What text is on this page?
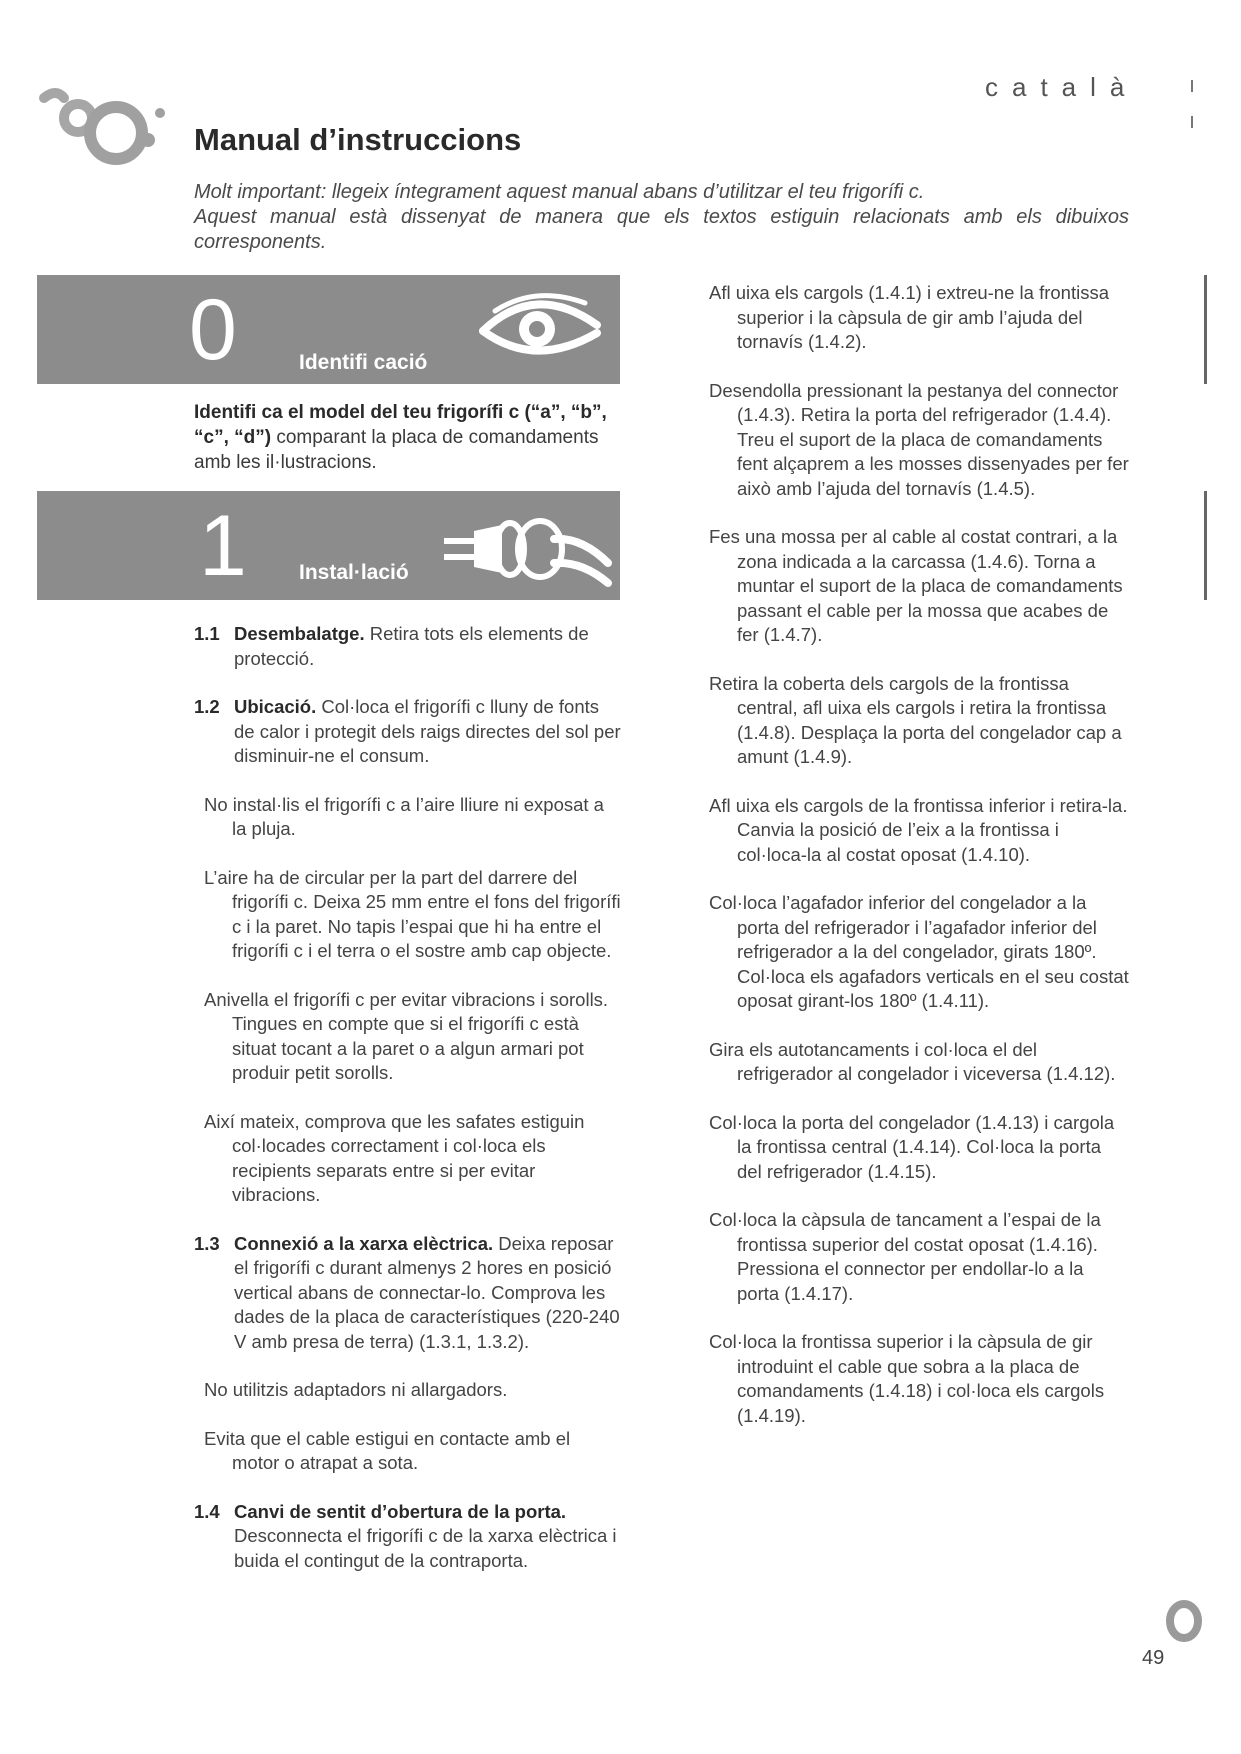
català
Manual d’instruccions

Molt important: llegeix íntegrament aquest manual abans d’utilitzar el teu frigorífi c.

Aquest manual està dissenyat de manera que els textos estiguin relacionats amb els dibuixos

corresponents.

0	Identifi cació
Identifi ca el model del teu frigorífi c (“a”, “b”, “c”, “d”) comparant la placa de comandaments amb les il·lustracions.
1 Instal·lació

1.1 Desembalatge. Retira tots els elements de protecció.

1.2 Ubicació. Col·loca el frigorífi c lluny de fonts de calor i protegit dels raigs directes del sol per disminuir-ne el consum.

No instal·lis el frigorífi c a l’aire lliure ni exposat a la pluja.

L’aire ha de circular per la part del darrere del frigorífi c. Deixa 25 mm entre el fons del frigorífi c i la paret. No tapis l’espai que hi ha entre el frigorífi c i el terra o el sostre amb cap objecte.

Anivella el frigorífi c per evitar vibracions i sorolls. Tingues en compte que si el frigorífi c està situat tocant a la paret o a algun armari pot produir petit sorolls.

Així mateix, comprova que les safates estiguin col·locades correctament i col·loca els recipients separats entre si per evitar vibracions.

1.3 Connexió a la xarxa elèctrica. Deixa reposar el frigorífi c durant almenys 2 hores en posició vertical abans de connectar-lo. Comprova les dades de la placa de característiques (220-240 V amb presa de terra) (1.3.1, 1.3.2).

No utilitzis adaptadors ni allargadors.

Evita que el cable estigui en contacte amb el motor o atrapat a sota.

1.4 Canvi de sentit d’obertura de la porta. Desconnecta el frigorífi c de la xarxa elèctrica i buida el contingut de la contraporta.

Afl uixa els cargols (1.4.1) i extreu-ne la frontissa superior i la càpsula de gir amb l’ajuda del tornavís (1.4.2).

Desendolla pressionant la pestanya del connector (1.4.3). Retira la porta del refrigerador (1.4.4). Treu el suport de la placa de comandaments fent alçaprem a les mosses dissenyades per fer això amb l’ajuda del tornavís (1.4.5).

Fes una mossa per al cable al costat contrari, a la zona indicada a la carcassa (1.4.6). Torna a muntar el suport de la placa de comandaments passant el cable per la mossa que acabes de fer (1.4.7).

Retira la coberta dels cargols de la frontissa central, afl uixa els cargols i retira la frontissa (1.4.8). Desplaça la porta del congelador cap a amunt (1.4.9).

Afl uixa els cargols de la frontissa inferior i retira-la. Canvia la posició de l’eix a la frontissa i col·loca-la al costat oposat (1.4.10).

Col·loca l’agafador inferior del congelador a la porta del refrigerador i l’agafador inferior del refrigerador a la del congelador, girats 180º. Col·loca els agafadors verticals en el seu costat oposat girant-los 180º (1.4.11).

Gira els autotancaments i col·loca el del refrigerador al congelador i viceversa (1.4.12).

Col·loca la porta del congelador (1.4.13) i cargola la frontissa central (1.4.14). Col·loca la porta del refrigerador (1.4.15).

Col·loca la càpsula de tancament a l’espai de la frontissa superior del costat oposat (1.4.16). Pressiona el connector per endollar-lo a la porta (1.4.17).

Col·loca la frontissa superior i la càpsula de gir introduint el cable que sobra a la placa de comandaments (1.4.18) i col·loca els cargols (1.4.19).

49
